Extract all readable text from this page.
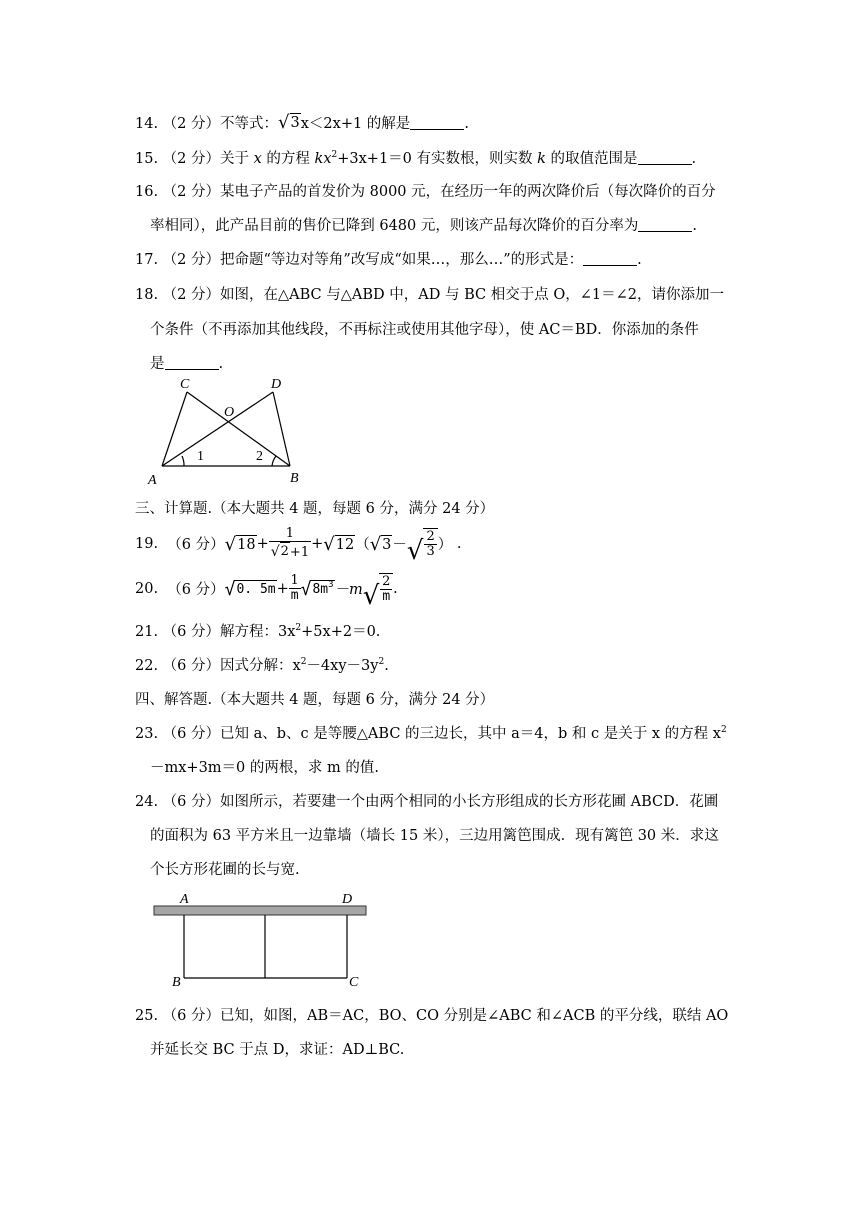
14. （2 分）不等式： √ 3 x＜2x+1 的解是	.
15. （2 分）关于 x 的方程 $kx^2+3x+1=0$ 有实数根，则实数 k 的取值范围是	.
16. （2 分）某电子产品的首发价为 8000 元，在经历一年的两次降价后（每次降价的百分
率相同），此产品目前的售价已降到 6480 元，则该产品每次降价的百分率为	.
17. （2 分）把命题“等边对等角”改写成“如果…，那么…”的形式是：	.
18. （2 分）如图，在△ABC 与△ABD 中，AD 与 BC 相交于点 O，∠1＝∠2，请你添加一
个条件（不再添加其他线段，不再标注或使用其他字母），使 AC＝BD．你添加的条件
是	.
A	B
C	D
O
1	2
三、计算题.（本大题共 4 题，每题 6 分，满分 24 分）
19.
（6 分） √ $18 + \frac{1}{√ 2 +1}$ + √ 12 （ √ 3 － √ $\frac{2}{3}$ ）
.
20.
（6 分） √ 0. $5m + \frac{1}{m}$ √ $8m^3 -m$ √ $\frac{2}{m}$ .
21. （6 分）解方程：$3x^2+5x+2=0$.
22. （6 分）因式分解：$x^2-4xy-3y^2$.
四、解答题.（本大题共 4 题，每题 6 分，满分 24 分）
23. （6 分）已知 a、b、c 是等腰△ABC 的三边长，其中 a＝4，b 和 c 是关于 x 的方程 $x^2$
－mx+3m＝0 的两根，求 m 的值.
24. （6 分）如图所示，若要建一个由两个相同的小长方形组成的长方形花圃 ABCD．花圃
的面积为 63 平方米且一边靠墙（墙长 15 米），三边用篱笆围成．现有篱笆 30 米．求这
个长方形花圃的长与宽.
A	D
B	C
25. （6 分）已知，如图，AB＝AC，BO、CO 分别是∠ABC 和∠ACB 的平分线，联结 AO
并延长交 BC 于点 D，求证：AD⊥BC.
